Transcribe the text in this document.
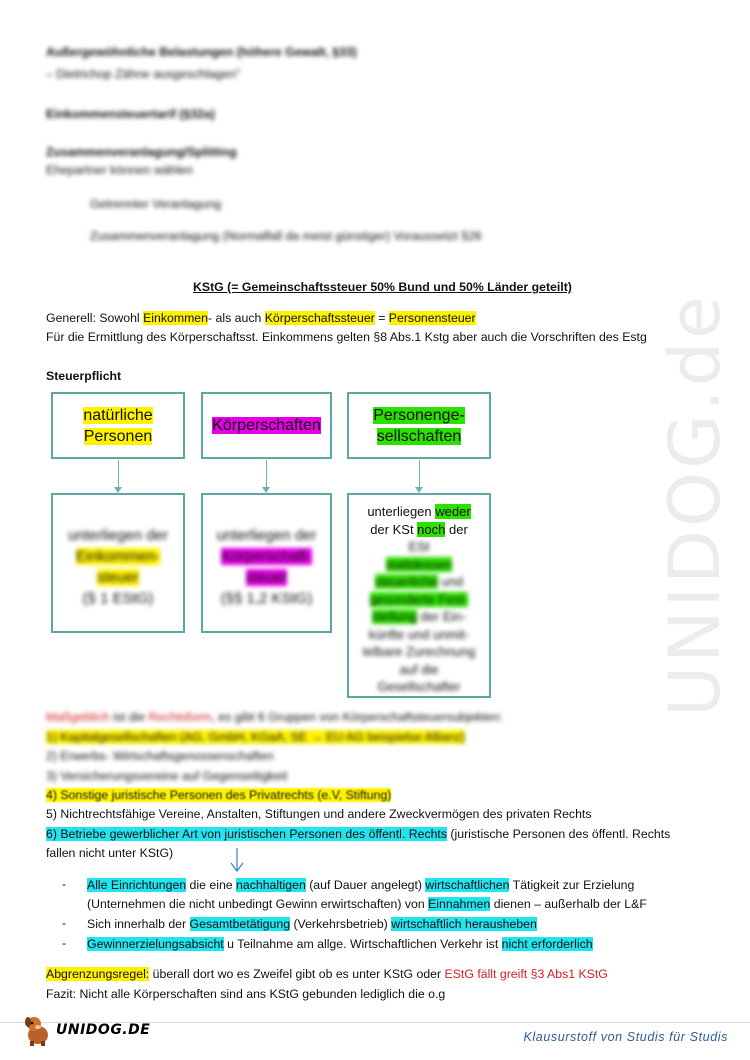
Außergewöhnliche Belastungen (höhere Gewalt, §33)
– Dietrichop Zähne ausgeschlagen"
Einkommensteuertarif (§32a)
Zusammenveranlagung/Splitting
Ehepartner können wählen
Getrennter Veranlagung
Zusammenveranlagung (Normalfall da meist günstiger) Voraussetzt §26
UNIDOG.de
KStG (= Gemeinschaftssteuer 50% Bund und 50% Länder geteilt)
Generell: Sowohl Einkommen- als auch Körperschaftssteuer = Personensteuer
Für die Ermittlung des Körperschaftsst. Einkommens gelten §8 Abs.1 Kstg aber auch die Vorschriften des Estg
Steuerpflicht
natürliche
Personen
Körperschaften
Personenge-
sellschaften
unterliegen der
Einkommen-
steuer
(§ 1 EStG)
unterliegen der
Körperschaft-
steuer
(§§ 1,2 KStG)
unterliegen weder
der KSt noch der
ESt
stattdessen
steuerliche und
gesonderte Fest-
stellung der Ein-
künfte und unmit-
telbare Zurechnung
auf die
Gesellschafter
Maßgeblich ist die Rechtsform, es gibt 6 Gruppen von Körperschaftsteuersubjekten:
1) Kapitalgesellschaften (AG, GmbH, KGaA, SE → EU AG beispielse Allianz)
2) Erwerbs- Wirtschaftsgenossenschaften
3) Versicherungsvereine auf Gegenseitigkeit
4) Sonstige juristische Personen des Privatrechts (e.V, Stiftung)
5) Nichtrechtsfähige Vereine, Anstalten, Stiftungen und andere Zweckvermögen des privaten Rechts
6) Betriebe gewerblicher Art von juristischen Personen des öffentl. Rechts (juristische Personen des öffentl. Rechts
fallen nicht unter KStG)
- Alle Einrichtungen die eine nachhaltigen (auf Dauer angelegt) wirtschaftlichen Tätigkeit zur Erzielung
(Unternehmen die nicht unbedingt Gewinn erwirtschaften) von Einnahmen dienen – außerhalb der L&F
- Sich innerhalb der Gesamtbetätigung (Verkehrsbetrieb) wirtschaftlich herausheben
- Gewinnerzielungsabsicht u Teilnahme am allge. Wirtschaftlichen Verkehr ist nicht erforderlich
Abgrenzungsregel: überall dort wo es Zweifel gibt ob es unter KStG oder EStG fällt greift §3 Abs1 KStG
Fazit: Nicht alle Körperschaften sind ans KStG gebunden lediglich die o.g
UNIDOG.DE	Klausurstoff von Studis für Studis
